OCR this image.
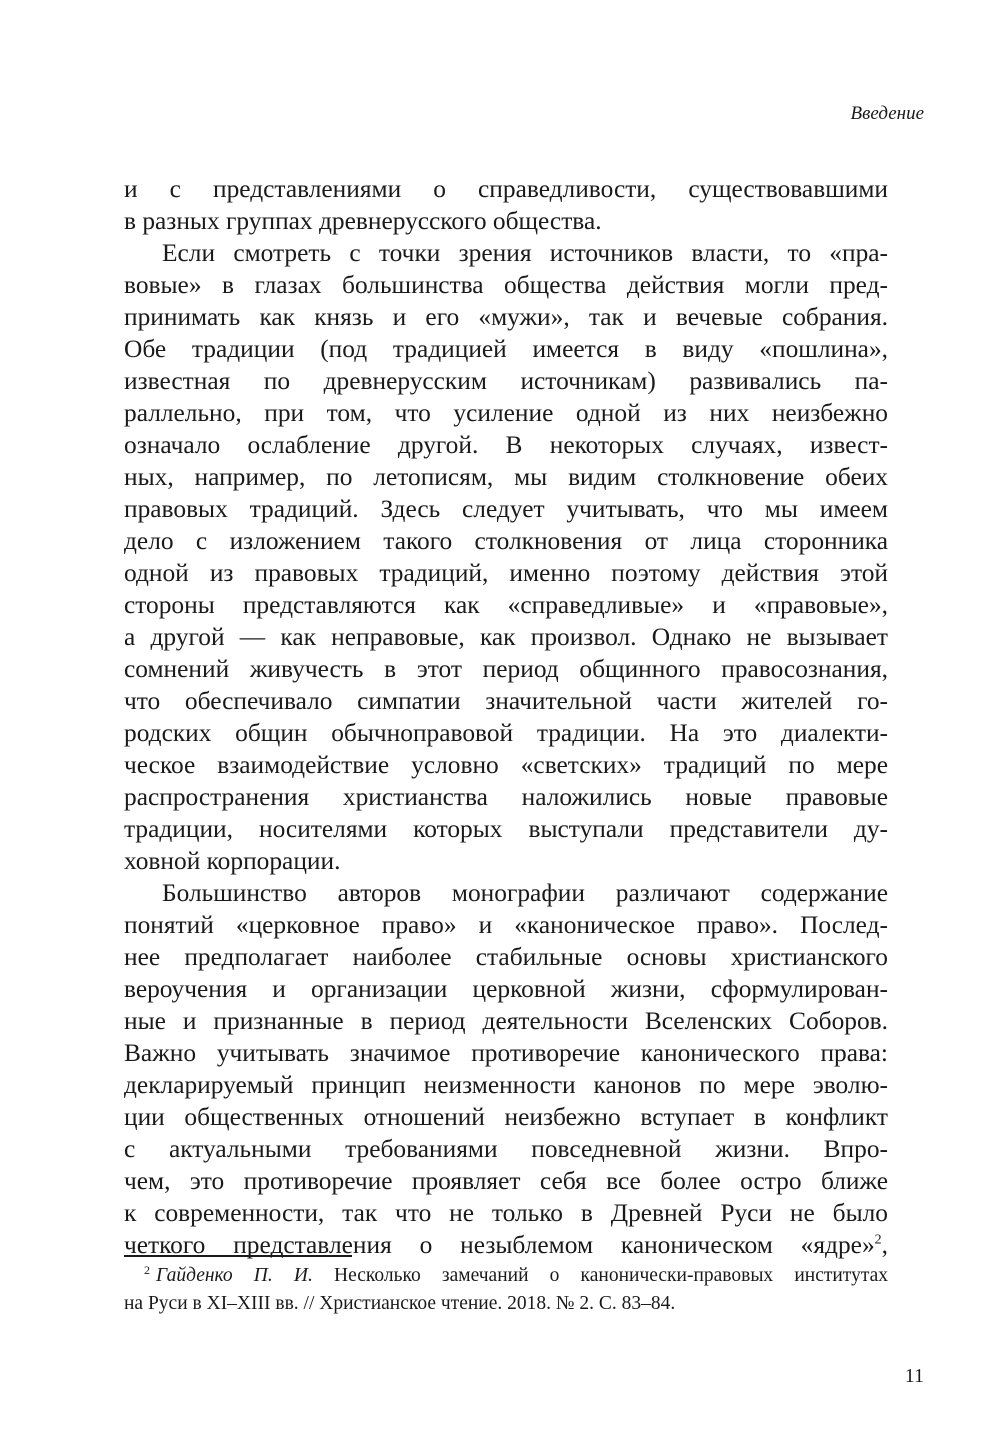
Введение
и с представлениями о справедливости, существовавшими
в разных группах древнерусского общества.
Если смотреть с точки зрения источников власти, то «пра-
вовые» в глазах большинства общества действия могли пред-
принимать как князь и его «мужи», так и вечевые собрания.
Обе традиции (под традицией имеется в виду «пошлина»,
известная по древнерусским источникам) развивались па-
раллельно, при том, что усиление одной из них неизбежно
означало ослабление другой. В некоторых случаях, извест-
ных, например, по летописям, мы видим столкновение обеих
правовых традиций. Здесь следует учитывать, что мы имеем
дело с изложением такого столкновения от лица сторонника
одной из правовых традиций, именно поэтому действия этой
стороны представляются как «справедливые» и «правовые»,
а другой — как неправовые, как произвол. Однако не вызывает
сомнений живучесть в этот период общинного правосознания,
что обеспечивало симпатии значительной части жителей го-
родских общин обычноправовой традиции. На это диалекти-
ческое взаимодействие условно «светских» традиций по мере
распространения христианства наложились новые правовые
традиции, носителями которых выступали представители ду-
ховной корпорации.
Большинство авторов монографии различают содержание
понятий «церковное право» и «каноническое право». Послед-
нее предполагает наиболее стабильные основы христианского
вероучения и организации церковной жизни, сформулирован-
ные и признанные в период деятельности Вселенских Соборов.
Важно учитывать значимое противоречие канонического права:
декларируемый принцип неизменности канонов по мере эволю-
ции общественных отношений неизбежно вступает в конфликт
с актуальными требованиями повседневной жизни. Впро-
чем, это противоречие проявляет себя все более остро ближе
к современности, так что не только в Древней Руси не было
четкого представления о незыблемом каноническом «ядре»$^2$,
$^2$ Гайденко П. И. Несколько замечаний о канонически-правовых институтах
на Руси в XI–XIII вв. // Христианское чтение. 2018. № 2. С. 83–84.
11
